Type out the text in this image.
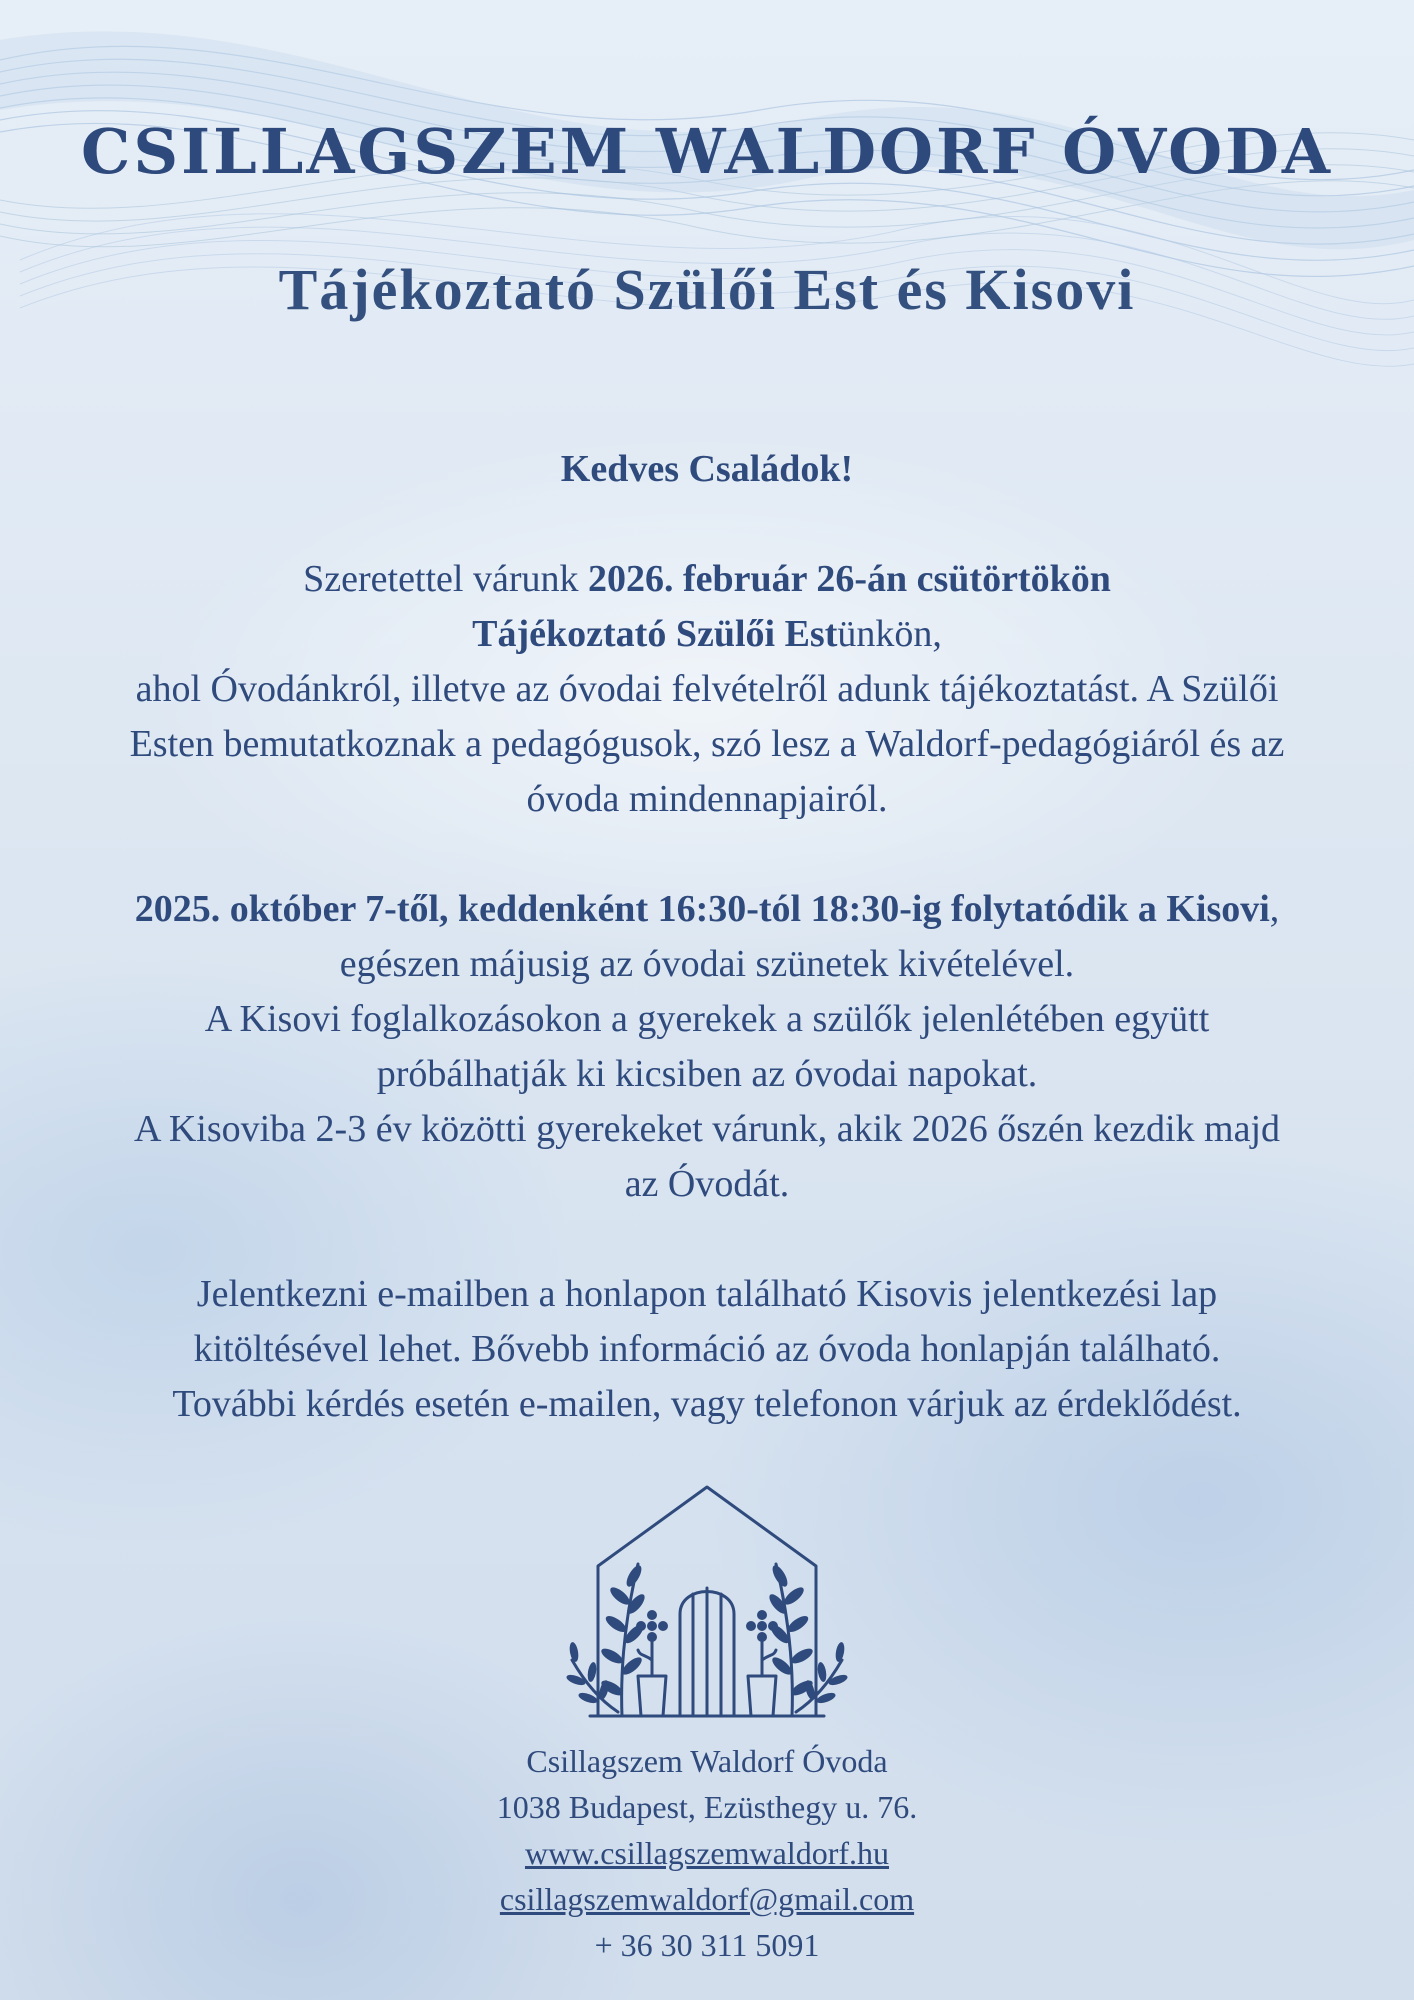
CSILLAGSZEM WALDORF ÓVODA
Tájékoztató Szülői Est és Kisovi

Kedves Családok!

Szeretettel várunk 2026. február 26-án csütörtökön

Tájékoztató Szülői Estünkön,

ahol Óvodánkról, illetve az óvodai felvételről adunk tájékoztatást. A Szülői

Esten bemutatkoznak a pedagógusok, szó lesz a Waldorf-pedagógiáról és az

óvoda mindennapjairól.

2025. október 7-től, keddenként 16:30-tól 18:30-ig folytatódik a Kisovi,

egészen májusig az óvodai szünetek kivételével.

A Kisovi foglalkozásokon a gyerekek a szülők jelenlétében együtt

próbálhatják ki kicsiben az óvodai napokat.

A Kisoviba 2-3 év közötti gyerekeket várunk, akik 2026 őszén kezdik majd

az Óvodát.

Jelentkezni e-mailben a honlapon található Kisovis jelentkezési lap

kitöltésével lehet. Bővebb információ az óvoda honlapján található.

További kérdés esetén e-mailen, vagy telefonon várjuk az érdeklődést.

Csillagszem Waldorf Óvoda
1038 Budapest, Ezüsthegy u. 76.
www.csillagszemwaldorf.hu
csillagszemwaldorf@gmail.com
+ 36 30 311 5091
